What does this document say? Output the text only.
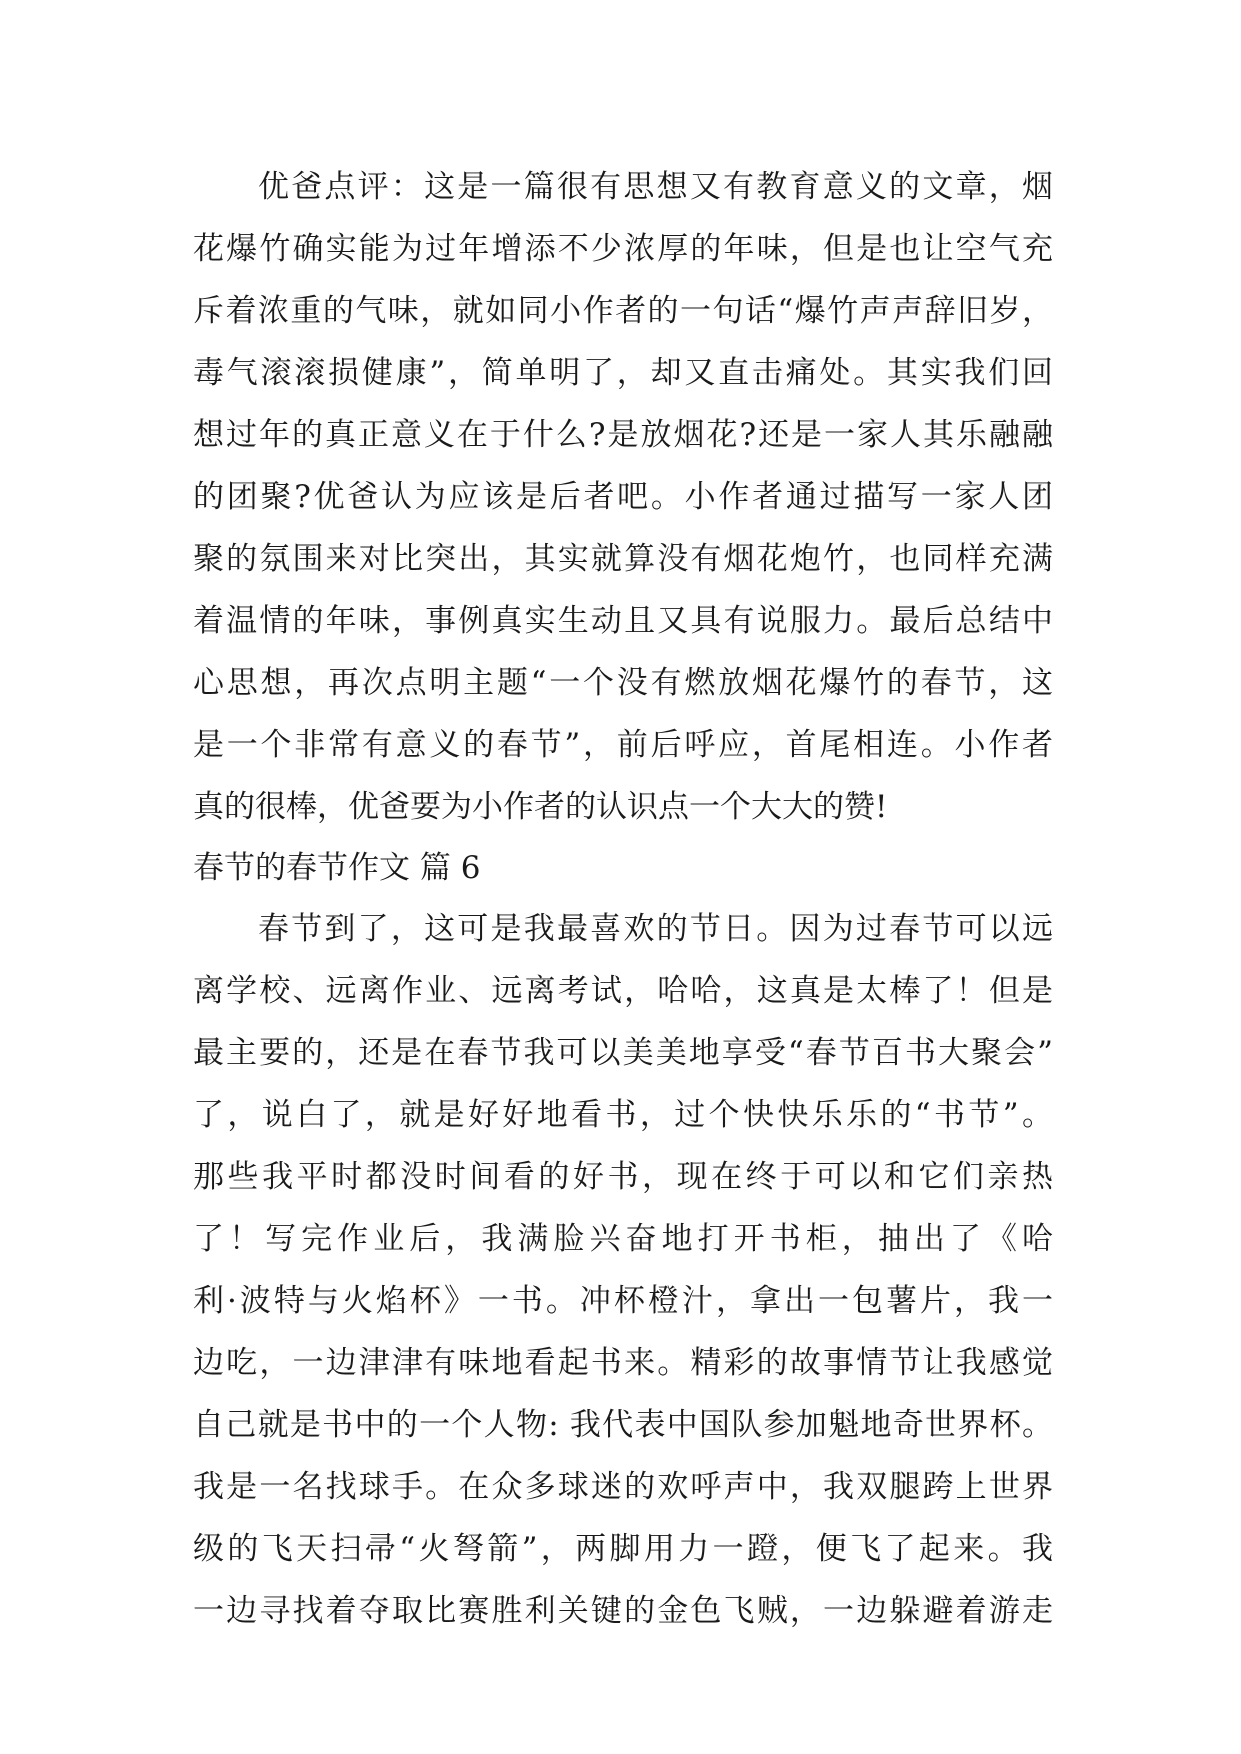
优爸点评：这是一篇很有思想又有教育意义的文章，烟
花爆竹确实能为过年增添不少浓厚的年味，但是也让空气充
斥着浓重的气味，就如同小作者的一句话“爆竹声声辞旧岁，
毒气滚滚损健康”，简单明了，却又直击痛处。其实我们回
想过年的真正意义在于什么?是放烟花?还是一家人其乐融融
的团聚?优爸认为应该是后者吧。小作者通过描写一家人团
聚的氛围来对比突出，其实就算没有烟花炮竹，也同样充满
着温情的年味，事例真实生动且又具有说服力。最后总结中
心思想，再次点明主题“一个没有燃放烟花爆竹的春节，这
是一个非常有意义的春节”，前后呼应，首尾相连。小作者
真的很棒，优爸要为小作者的认识点一个大大的赞!
春节的春节作文 篇 6
春节到了，这可是我最喜欢的节日。因为过春节可以远
离学校、远离作业、远离考试，哈哈，这真是太棒了！但是
最主要的，还是在春节我可以美美地享受“春节百书大聚会”
了，说白了，就是好好地看书，过个快快乐乐的“书节”。
那些我平时都没时间看的好书，现在终于可以和它们亲热
了！写完作业后，我满脸兴奋地打开书柜，抽出了《哈
利·波特与火焰杯》一书。冲杯橙汁，拿出一包薯片，我一
边吃，一边津津有味地看起书来。精彩的故事情节让我感觉
自己就是书中的一个人物: 我代表中国队参加魁地奇世界杯。
我是一名找球手。在众多球迷的欢呼声中，我双腿跨上世界
级的飞天扫帚“火弩箭”，两脚用力一蹬，便飞了起来。我
一边寻找着夺取比赛胜利关键的金色飞贼，一边躲避着游走
